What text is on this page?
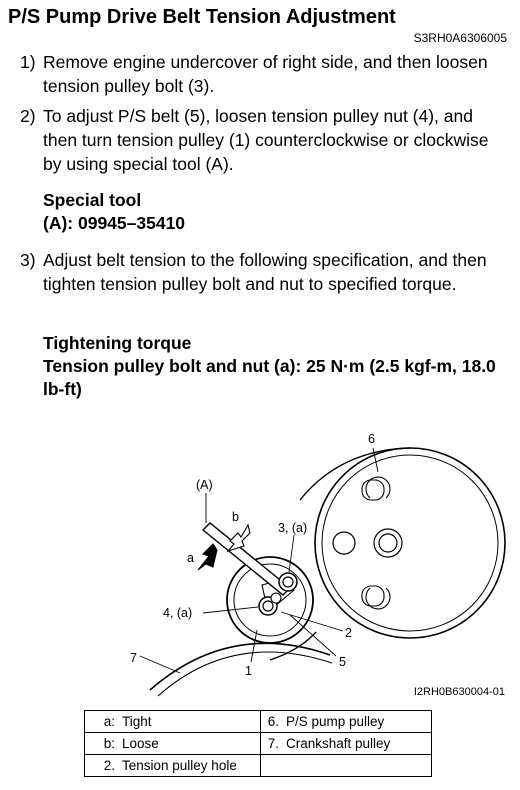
P/S Pump Drive Belt Tension Adjustment
S3RH0A6306005
1) Remove engine undercover of right side, and then loosen tension pulley bolt (3).
2) To adjust P/S belt (5), loosen tension pulley nut (4), and then turn tension pulley (1) counterclockwise or clockwise by using special tool (A).
Special tool
(A): 09945–35410
3) Adjust belt tension to the following specification, and then tighten tension pulley bolt and nut to specified torque.
Tightening torque
Tension pulley bolt and nut (a): 25 N·m (2.5 kgf-m, 18.0 lb-ft)
(A)
b
a
3, (a)
4, (a)
2
1
5
6
7
I2RH0B630004-01
a: Tight	6. P/S pump pulley
b: Loose	7. Crankshaft pulley
2. Tension pulley hole	
